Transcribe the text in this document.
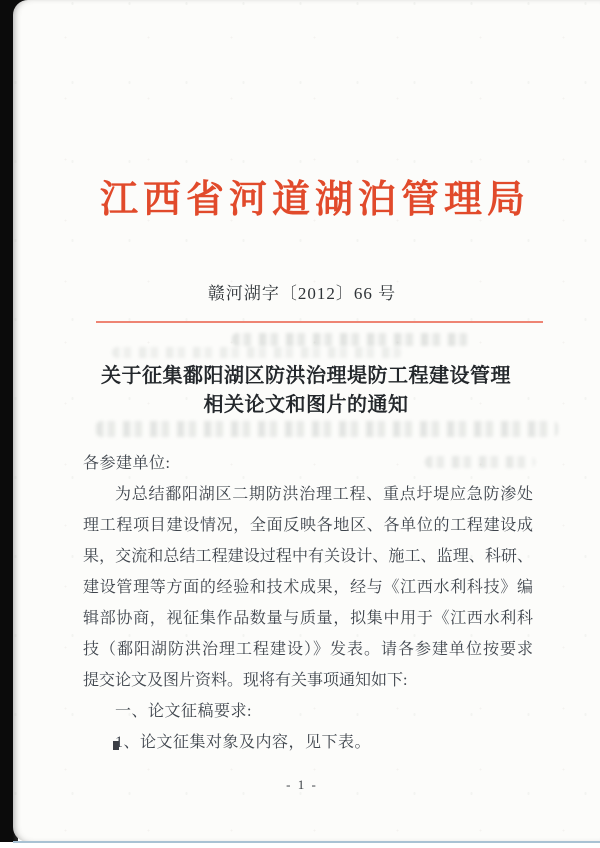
江西省河道湖泊管理局
赣河湖字〔2012〕66 号
关于征集鄱阳湖区防洪治理堤防工程建设管理
相关论文和图片的通知
各参建单位:
为总结鄱阳湖区二期防洪治理工程、重点圩堤应急防渗处
理工程项目建设情况，全面反映各地区、各单位的工程建设成
果，交流和总结工程建设过程中有关设计、施工、监理、科研、
建设管理等方面的经验和技术成果，经与《江西水利科技》编
辑部协商，视征集作品数量与质量，拟集中用于《江西水利科
技（鄱阳湖防洪治理工程建设）》发表。请各参建单位按要求
提交论文及图片资料。现将有关事项通知如下:
一、论文征稿要求:
1、论文征集对象及内容，见下表。
- 1 -
